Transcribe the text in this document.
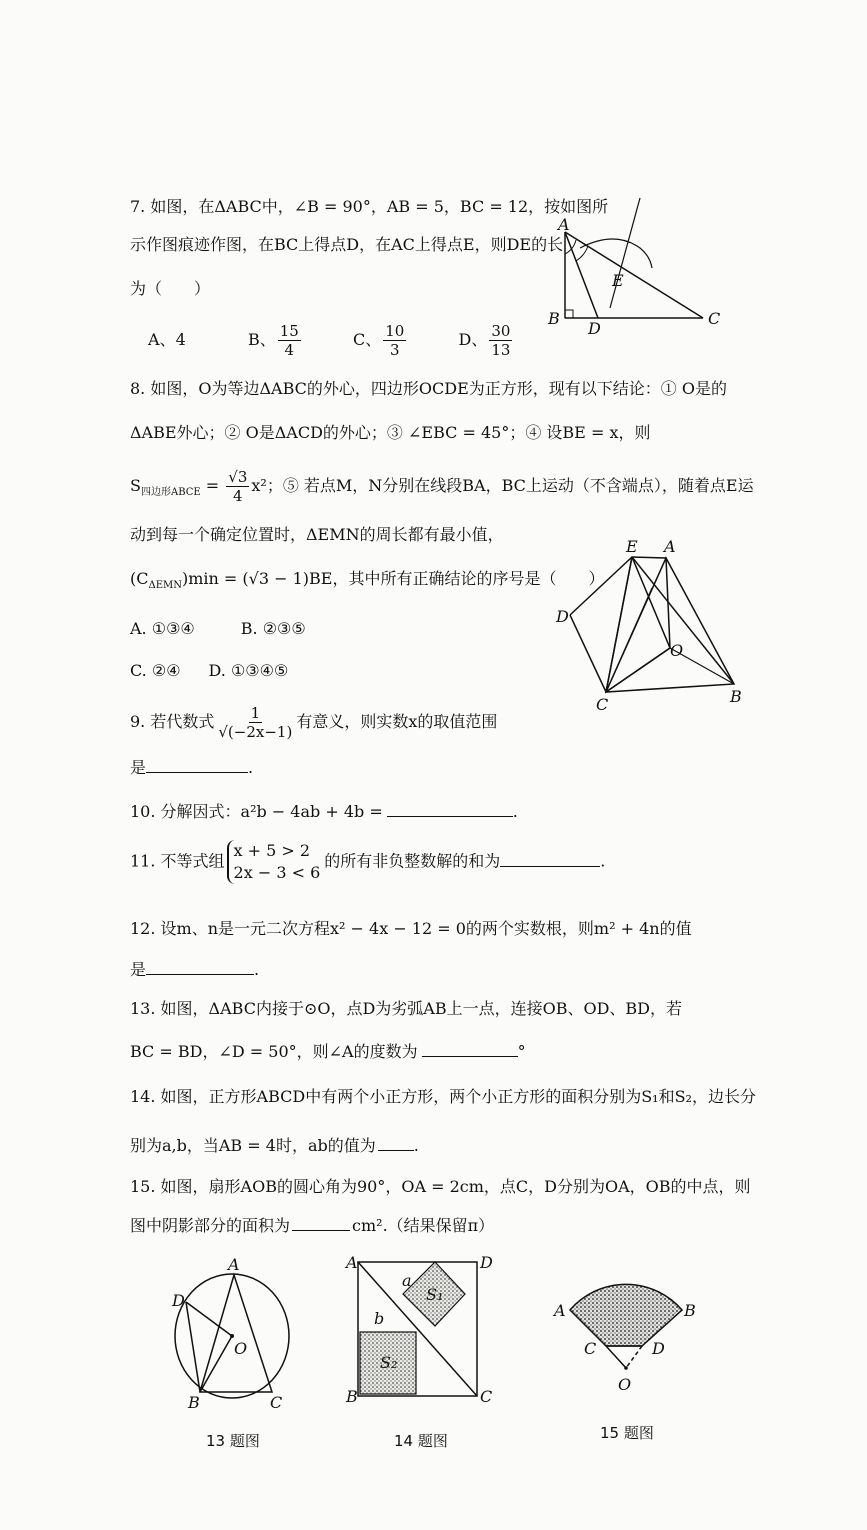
7. 如图，在ΔABC中，∠B = 90°，AB = 5，BC = 12，按如图所
示作图痕迹作图，在BC上得点D，在AC上得点E，则DE的长
为（　　）
A、4	B、 $\frac{15}{4}$	C、 $\frac{10}{3}$	D、 $\frac{30}{13}$
A
B	C
D
E
8. 如图，O为等边ΔABC的外心，四边形OCDE为正方形，现有以下结论：① O是的
ΔABE外心；② O是ΔACD的外心；③ ∠EBC = 45°；④ 设BE = x，则
$S_{四边形ABCE} = \frac{√3}{4} x^2$；⑤ 若点M，N分别在线段BA，BC上运动（不含端点），随着点E运
动到每一个确定位置时，ΔEMN的周长都有最小值，
$(C_{\Delta EMN})\min = (√3 - 1)BE$，其中所有正确结论的序号是（　　）
A. ①③④	B. ②③⑤
C. ②④ D. ①③④⑤
D
E A
O
C	B
9. 若代数式 $\frac{1}{√(-2x-1)}$ 有意义，则实数x的取值范围
是	.
10. 分解因式：a²b − 4ab + 4b =	.
11. 不等式组
x + 5 > 2
2x − 3 < 6
的所有非负整数解的和为	.
12. 设m、n是一元二次方程x² − 4x − 12 = 0的两个实数根，则m² + 4n的值
是	.
13. 如图，ΔABC内接于⊙O，点D为劣弧AB上一点，连接OB、OD、BD，若
BC = BD，∠D = 50°，则∠A的度数为	°
14. 如图，正方形ABCD中有两个小正方形，两个小正方形的面积分别为S₁和S₂，边长分
别为a,b，当AB = 4时，ab的值为 .
15. 如图，扇形AOB的圆心角为90°，OA = 2cm，点C，D分别为OA，OB的中点，则
图中阴影部分的面积为	cm².（结果保留π）
A
D
O
B	C
13 题图
A	D
B	C
a
b
S₁
S₂
14 题图
A	B
C	D
O
15 题图
